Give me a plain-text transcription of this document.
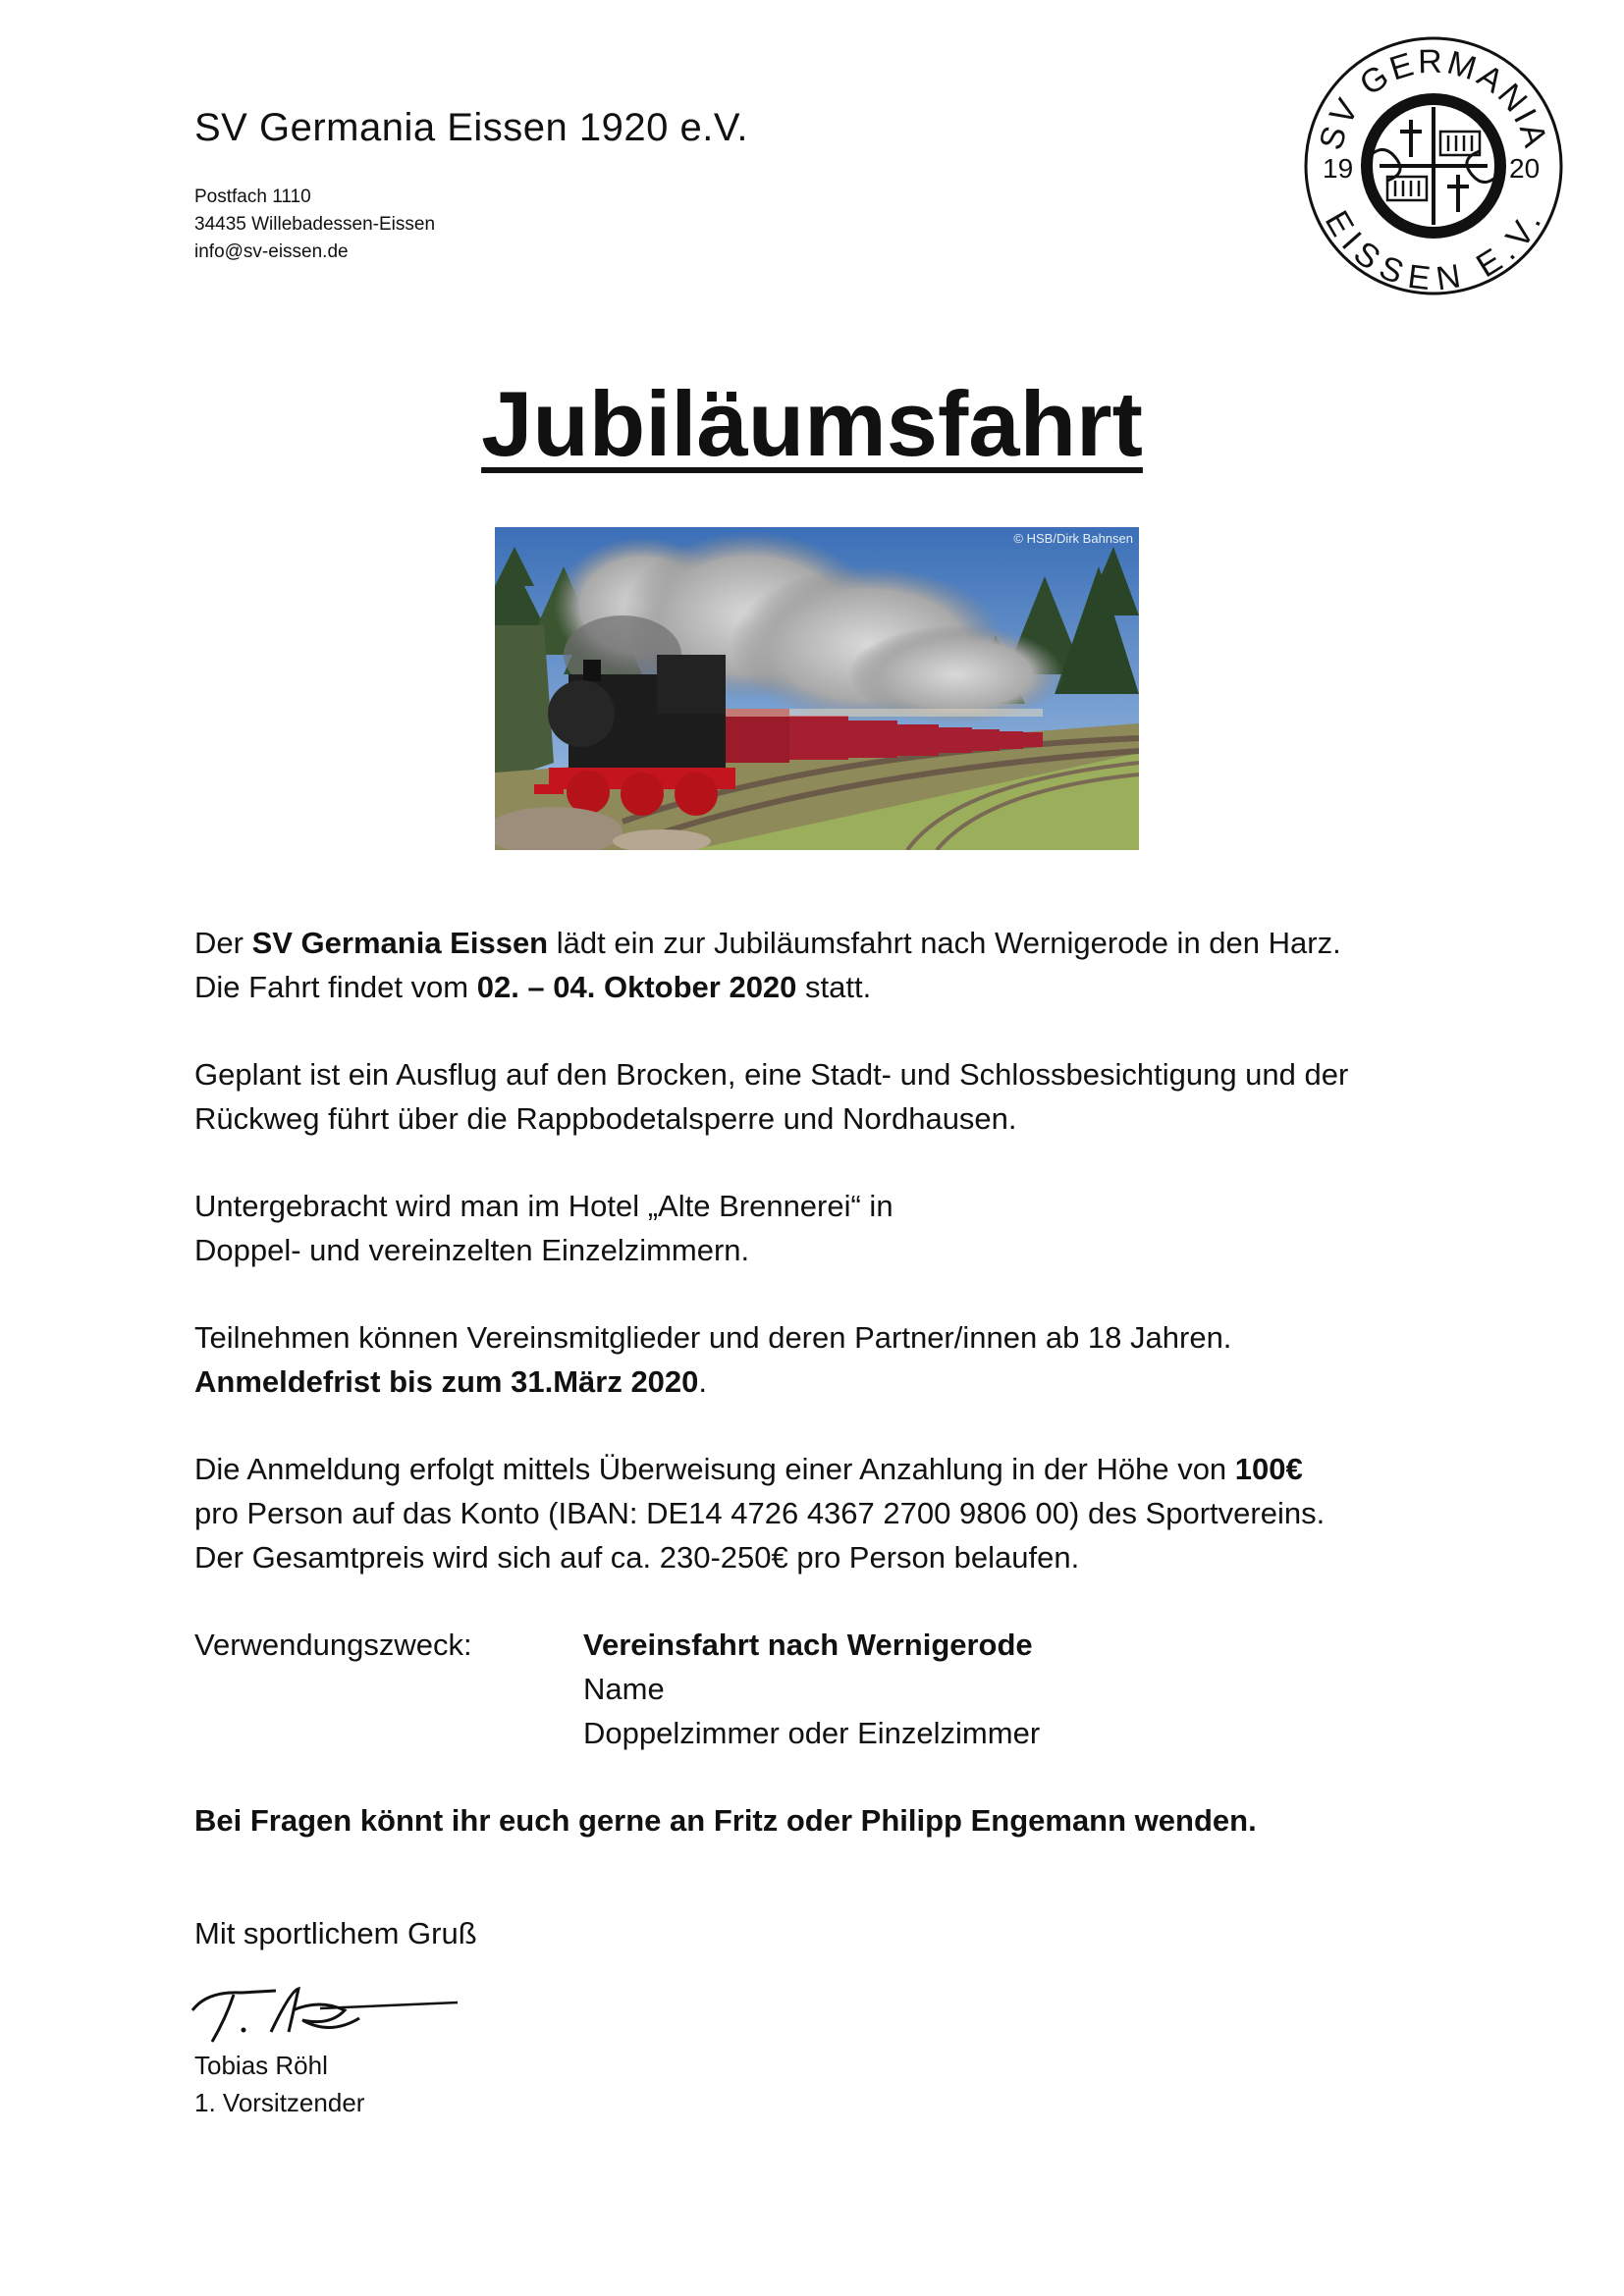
SV Germania Eissen 1920 e.V.
Postfach 1110
34435 Willebadessen-Eissen
info@sv-eissen.de
SV GERMANIA
EISSEN E.V.
19	20
Jubiläumsfahrt
© HSB/Dirk Bahnsen

Der SV Germania Eissen lädt ein zur Jubiläumsfahrt nach Wernigerode in den Harz.
Die Fahrt findet vom 02. – 04. Oktober 2020 statt.

Geplant ist ein Ausflug auf den Brocken, eine Stadt- und Schlossbesichtigung und der
Rückweg führt über die Rappbodetalsperre und Nordhausen.

Untergebracht wird man im Hotel „Alte Brennerei“ in
Doppel- und vereinzelten Einzelzimmern.

Teilnehmen können Vereinsmitglieder und deren Partner/innen ab 18 Jahren.
Anmeldefrist bis zum 31.März 2020.

Die Anmeldung erfolgt mittels Überweisung einer Anzahlung in der Höhe von 100€
pro Person auf das Konto (IBAN: DE14 4726 4367 2700 9806 00) des Sportvereins.
Der Gesamtpreis wird sich auf ca. 230-250€ pro Person belaufen.

Verwendungszweck:	Vereinsfahrt nach Wernigerode
Name
Doppelzimmer oder Einzelzimmer

Bei Fragen könnt ihr euch gerne an Fritz oder Philipp Engemann wenden.

Mit sportlichem Gruß
Tobias Röhl
1. Vorsitzender
